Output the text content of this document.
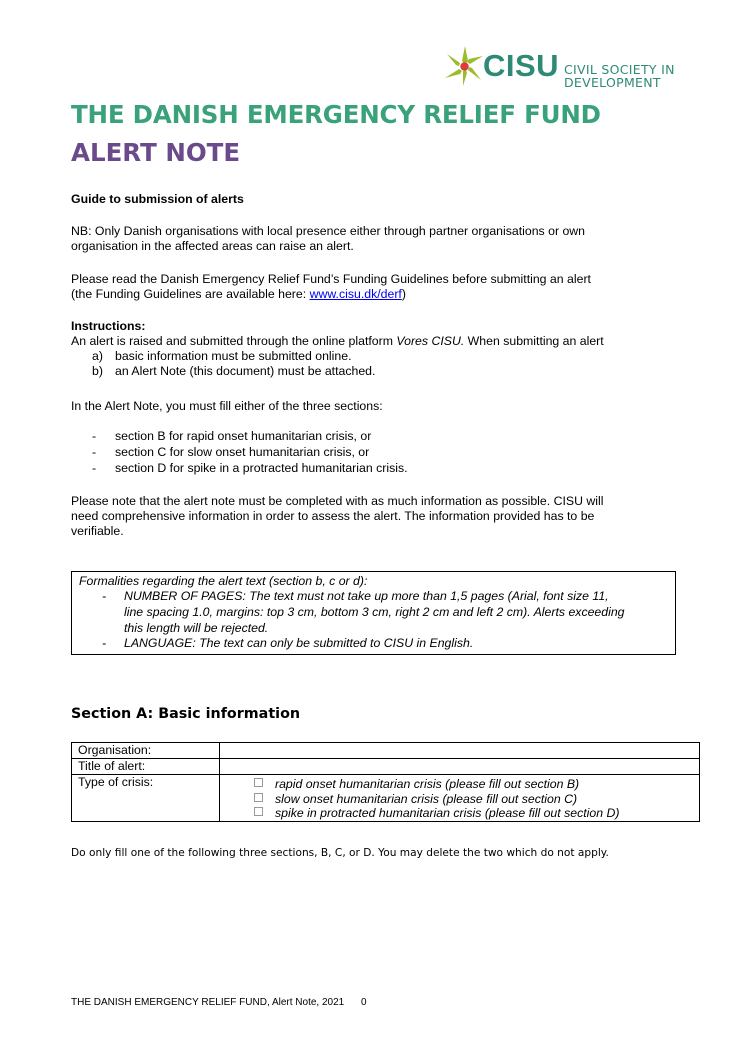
CISU CIVIL SOCIETY IN
DEVELOPMENT
THE DANISH EMERGENCY RELIEF FUND
ALERT NOTE
Guide to submission of alerts
NB: Only Danish organisations with local presence either through partner organisations or own
organisation in the affected areas can raise an alert.
Please read the Danish Emergency Relief Fund’s Funding Guidelines before submitting an alert
(the Funding Guidelines are available here: www.cisu.dk/derf)
Instructions:
An alert is raised and submitted through the online platform Vores CISU. When submitting an alert
a) basic information must be submitted online.
b) an Alert Note (this document) must be attached.
In the Alert Note, you must fill either of the three sections:
- section B for rapid onset humanitarian crisis, or
- section C for slow onset humanitarian crisis, or
- section D for spike in a protracted humanitarian crisis.
Please note that the alert note must be completed with as much information as possible. CISU will
need comprehensive information in order to assess the alert. The information provided has to be
verifiable.
Formalities regarding the alert text (section b, c or d):
- NUMBER OF PAGES: The text must not take up more than 1,5 pages (Arial, font size 11,
line spacing 1.0, margins: top 3 cm, bottom 3 cm, right 2 cm and left 2 cm). Alerts exceeding
this length will be rejected.
- LANGUAGE: The text can only be submitted to CISU in English.
Section A: Basic information
Organisation:	
Title of alert:	
Type of crisis:	rapid onset humanitarian crisis (please fill out section B)
slow onset humanitarian crisis (please fill out section C)
spike in protracted humanitarian crisis (please fill out section D)
Do only fill one of the following three sections, B, C, or D. You may delete the two which do not apply.
THE DANISH EMERGENCY RELIEF FUND, Alert Note, 2021 0
